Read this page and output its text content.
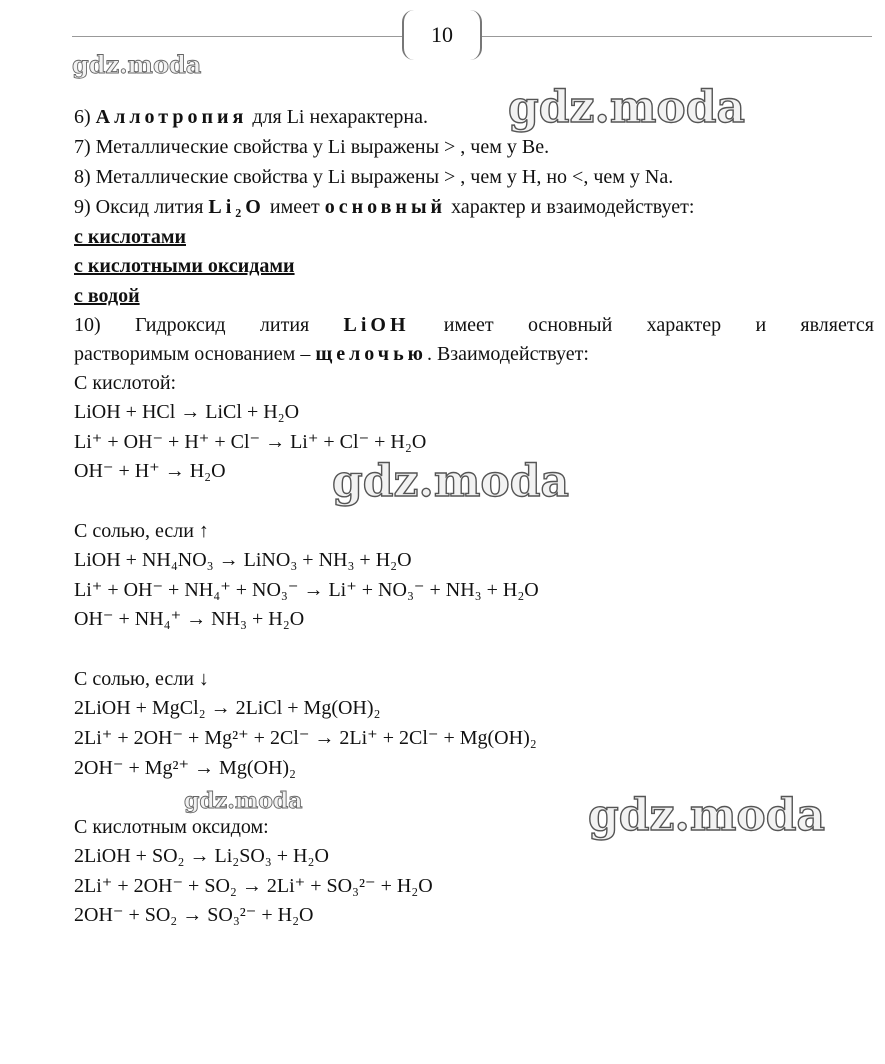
10
gdz.moda
gdz.moda
gdz.moda
gdz.moda	gdz.moda
6) Аллотропия для Li нехарактерна.
7) Металлические свойства у Li выражены > , чем у Be.
8) Металлические свойства у Li выражены > , чем у H, но <, чем у Na.
9) Оксид лития Li₂O имеет основный характер и взаимодействует:
с кислотами
с кислотными оксидами
с водой
10) Гидроксид лития LiOH имеет основный характер и является
растворимым основанием – щелочью. Взаимодействует:
С кислотой:
LiOH + HCl → LiCl + H₂O
Li⁺ + OH⁻ + H⁺ + Cl⁻ → Li⁺ + Cl⁻ + H₂O
OH⁻ + H⁺ → H₂O
С солью, если ↑
LiOH + NH₄NO₃ → LiNO₃ + NH₃ + H₂O
Li⁺ + OH⁻ + NH₄⁺ + NO₃⁻ → Li⁺ + NO₃⁻ + NH₃ + H₂O
OH⁻ + NH₄⁺ → NH₃ + H₂O
С солью, если ↓
2LiOH + MgCl₂ → 2LiCl + Mg(OH)₂
2Li⁺ + 2OH⁻ + Mg²⁺ + 2Cl⁻ → 2Li⁺ + 2Cl⁻ + Mg(OH)₂
2OH⁻ + Mg²⁺ → Mg(OH)₂
С кислотным оксидом:
2LiOH + SO₂ → Li₂SO₃ + H₂O
2Li⁺ + 2OH⁻ + SO₂ → 2Li⁺ + SO₃²⁻ + H₂O
2OH⁻ + SO₂ → SO₃²⁻ + H₂O
